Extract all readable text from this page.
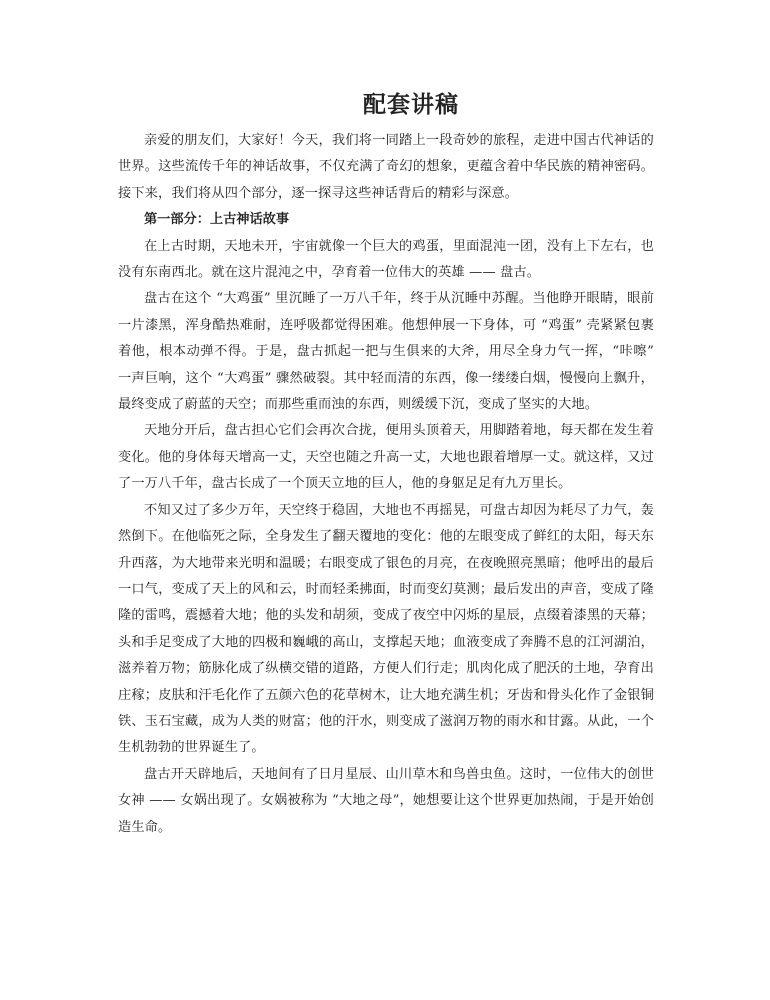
配套讲稿

亲爱的朋友们，大家好！今天，我们将一同踏上一段奇妙的旅程，走进中国古代神话的世界。这些流传千年的神话故事，不仅充满了奇幻的想象，更蕴含着中华民族的精神密码。接下来，我们将从四个部分，逐一探寻这些神话背后的精彩与深意。

第一部分：上古神话故事

在上古时期，天地未开，宇宙就像一个巨大的鸡蛋，里面混沌一团，没有上下左右，也没有东南西北。就在这片混沌之中，孕育着一位伟大的英雄 —— 盘古。

盘古在这个 “大鸡蛋” 里沉睡了一万八千年，终于从沉睡中苏醒。当他睁开眼睛，眼前一片漆黑，浑身酷热难耐，连呼吸都觉得困难。他想伸展一下身体，可 “鸡蛋” 壳紧紧包裹着他，根本动弹不得。于是，盘古抓起一把与生俱来的大斧，用尽全身力气一挥，“咔嚓” 一声巨响，这个 “大鸡蛋” 骤然破裂。其中轻而清的东西，像一缕缕白烟，慢慢向上飘升，最终变成了蔚蓝的天空；而那些重而浊的东西，则缓缓下沉，变成了坚实的大地。

天地分开后，盘古担心它们会再次合拢，便用头顶着天，用脚踏着地，每天都在发生着变化。他的身体每天增高一丈，天空也随之升高一丈，大地也跟着增厚一丈。就这样，又过了一万八千年，盘古长成了一个顶天立地的巨人，他的身躯足足有九万里长。

不知又过了多少万年，天空终于稳固，大地也不再摇晃，可盘古却因为耗尽了力气，轰然倒下。在他临死之际，全身发生了翻天覆地的变化：他的左眼变成了鲜红的太阳，每天东升西落，为大地带来光明和温暖；右眼变成了银色的月亮，在夜晚照亮黑暗；他呼出的最后一口气，变成了天上的风和云，时而轻柔拂面，时而变幻莫测；最后发出的声音，变成了隆隆的雷鸣，震撼着大地；他的头发和胡须，变成了夜空中闪烁的星辰，点缀着漆黑的天幕；头和手足变成了大地的四极和巍峨的高山，支撑起天地；血液变成了奔腾不息的江河湖泊，滋养着万物；筋脉化成了纵横交错的道路，方便人们行走；肌肉化成了肥沃的土地，孕育出庄稼；皮肤和汗毛化作了五颜六色的花草树木，让大地充满生机；牙齿和骨头化作了金银铜铁、玉石宝藏，成为人类的财富；他的汗水，则变成了滋润万物的雨水和甘露。从此，一个生机勃勃的世界诞生了。

盘古开天辟地后，天地间有了日月星辰、山川草木和鸟兽虫鱼。这时，一位伟大的创世女神 —— 女娲出现了。女娲被称为 “大地之母”，她想要让这个世界更加热闹，于是开始创造生命。
